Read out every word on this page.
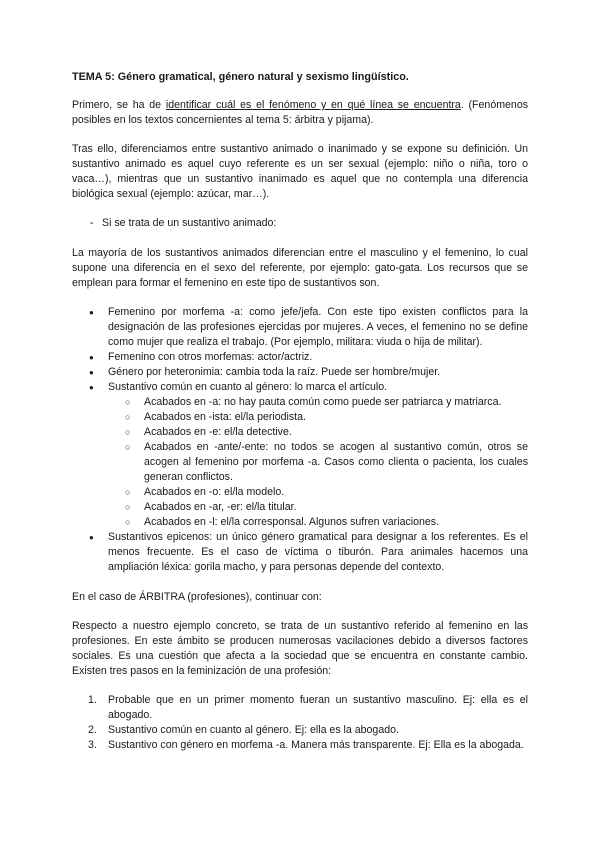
TEMA 5: Género gramatical, género natural y sexismo lingüístico.

Primero, se ha de identificar cuál es el fenómeno y en qué línea se encuentra. (Fenómenos posibles en los textos concernientes al tema 5: árbitra y pijama).

Tras ello, diferenciamos entre sustantivo animado o inanimado y se expone su definición. Un sustantivo animado es aquel cuyo referente es un ser sexual (ejemplo: niño o niña, toro o vaca…), mientras que un sustantivo inanimado es aquel que no contempla una diferencia biológica sexual (ejemplo: azúcar, mar…).

- Si se trata de un sustantivo animado:

La mayoría de los sustantivos animados diferencian entre el masculino y el femenino, lo cual supone una diferencia en el sexo del referente, por ejemplo: gato-gata. Los recursos que se emplean para formar el femenino en este tipo de sustantivos son.

● Femenino por morfema -a: como jefe/jefa. Con este tipo existen conflictos para la designación de las profesiones ejercidas por mujeres. A veces, el femenino no se define como mujer que realiza el trabajo. (Por ejemplo, militara: viuda o hija de militar).
● Femenino con otros morfemas: actor/actriz.
● Género por heteronimia: cambia toda la raíz. Puede ser hombre/mujer.
● Sustantivo común en cuanto al género: lo marca el artículo.
○ Acabados en -a: no hay pauta común como puede ser patriarca y matriarca.
○ Acabados en -ista: el/la periodista.
○ Acabados en -e: el/la detective.
○ Acabados en -ante/-ente: no todos se acogen al sustantivo común, otros se acogen al femenino por morfema -a. Casos como clienta o pacienta, los cuales generan conflictos.
○ Acabados en -o: el/la modelo.
○ Acabados en -ar, -er: el/la titular.
○ Acabados en -l: el/la corresponsal. Algunos sufren variaciones.
● Sustantivos epicenos: un único género gramatical para designar a los referentes. Es el menos frecuente. Es el caso de víctima o tiburón. Para animales hacemos una ampliación léxica: gorila macho, y para personas depende del contexto.

En el caso de ÁRBITRA (profesiones), continuar con:

Respecto a nuestro ejemplo concreto, se trata de un sustantivo referido al femenino en las profesiones. En este ámbito se producen numerosas vacilaciones debido a diversos factores sociales. Es una cuestión que afecta a la sociedad que se encuentra en constante cambio. Existen tres pasos en la feminización de una profesión:

1. Probable que en un primer momento fueran un sustantivo masculino. Ej: ella es el abogado.
2. Sustantivo común en cuanto al género. Ej: ella es la abogado.
3. Sustantivo con género en morfema -a. Manera más transparente. Ej: Ella es la abogada.
